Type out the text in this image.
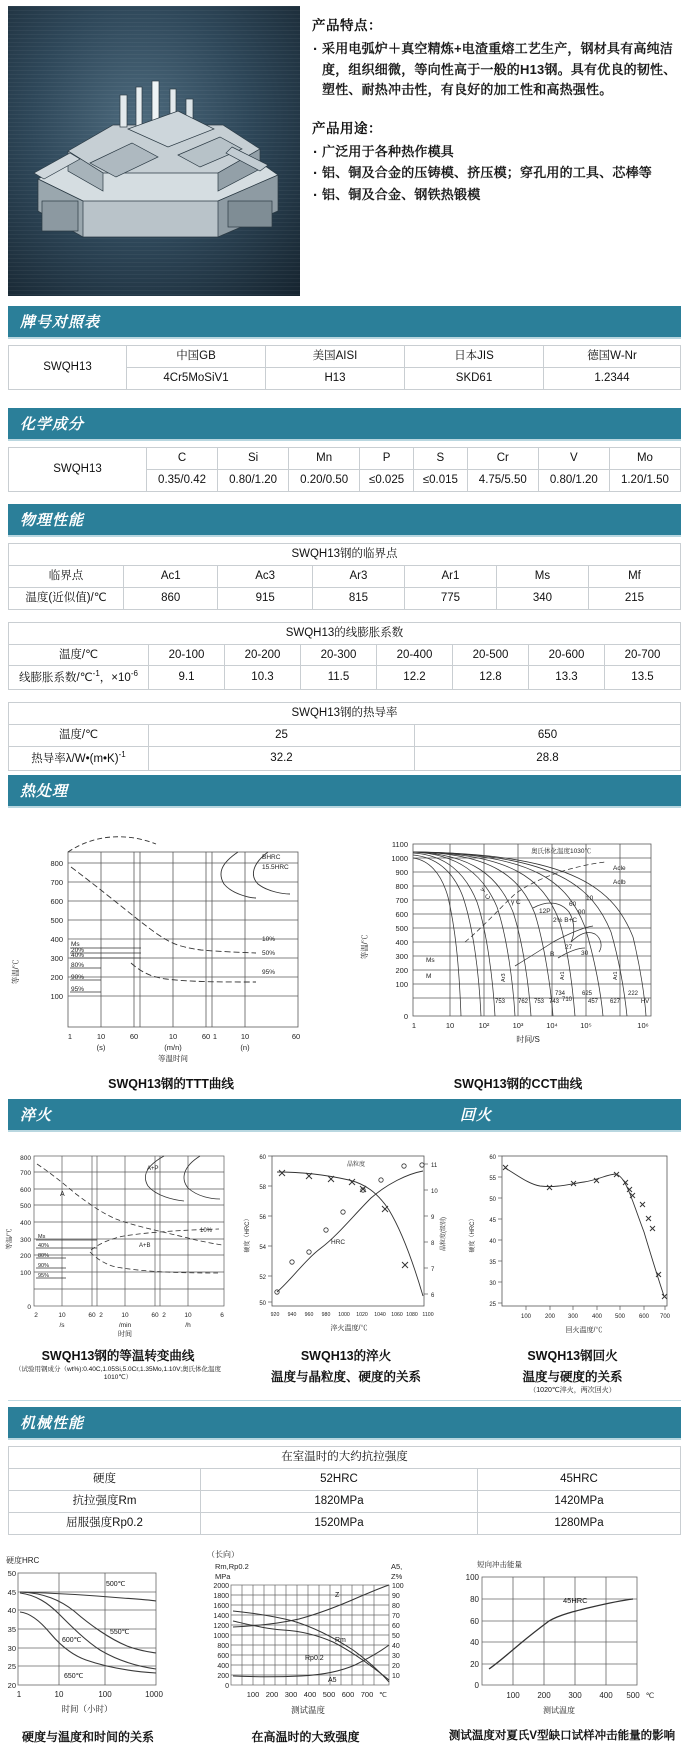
产品特点：
· 采用电弧炉＋真空精炼+电渣重熔工艺生产，钢材具有高纯洁度，组织细微，等向性高于一般的H13钢。具有优良的韧性、塑性、耐热冲击性，有良好的加工性和高热强性。
产品用途：
· 广泛用于各种热作模具
· 铝、铜及合金的压铸模、挤压模；穿孔用的工具、芯棒等
· 铝、铜及合金、钢铁热锻模
牌号对照表
SWQH13	中国GB	美国AISI	日本JIS	德国W-Nr
	4Cr5MoSiV1	H13	SKD61	1.2344
化学成分
SWQH13	C	Si	Mn	P	S	Cr	V	Mo
	0.35/0.42	0.80/1.20	0.20/0.50	≤0.025	≤0.015	4.75/5.50	0.80/1.20	1.20/1.50
物理性能
SWQH13钢的临界点						
临界点	Ac1	Ac3	Ar3	Ar1	Ms	Mf
温度(近似值)/℃	860	915	815	775	340	215
SWQH13的线膨胀系数							
温度/℃	20-100	20-200	20-300	20-400	20-500	20-600	20-700
线膨胀系数/℃$^{-1}$，$\times 10^{-6}$	9.1	10.3	11.5	12.2	12.8	13.3	13.5
SWQH13钢的热导率		
温度/℃	25	650
热导率λ/W•(m•K)$^{-1}$	32.2	28.8
热处理
等温/℃
800
700
600
500
400
300
200
100
Ms
20%
40%
80%
90%
95%
BHRC
15.5HRC
10%
50%
95%
1	10	60	10	60 1	10	60
(s)	(m/n)	(n)
等温时间
SWQH13钢的TTT曲线
等温/℃
1100
1000
900
800
700
600
500
400
300
200
100
0
奥氏体化温度1030℃
Acle
Aclb
γ
C
γ C
12P
10
60
90
2% B+C
B
27
30
Ms
M	Ar3	Ar1	Ar1
753 762 753 743 710
734	625
457 627
222
HV
1	10	10²	10³	10⁴	10⁵	10⁶
时间/S
SWQH13钢的CCT曲线
淬火	回火
等温/℃
800
700
600
500
400
300
200
100
0
Ms
40%
80%
90%
95%
A
A+P
A+B
10%
2	10	60 2	10	60 2	10	6
/s	/min	/h
时间
SWQH13钢的等温转变曲线
（试验用钢成分（wt%):0.40C,1.05Si,5.0Cr,1.35Mo,1.10V;奥氏体化温度1010℃）
硬度（HRC）	晶粒度(级别)
60
58
56
54
52
50
11
10
9
8
7
6
晶粒度
HRC
920 940 960 980 1000 1020 1040 1060 1080 1100
淬火温度/℃
SWQH13的淬火
温度与晶粒度、硬度的关系
硬度（HRC）
60
55
50
45
40
35
30
25
100 200 300 400 500 600 700
回火温度/℃
SWQH13钢回火
温度与硬度的关系
（1020℃淬火，两次回火）
机械性能
在室温时的大约抗拉强度		
硬度	52HRC	45HRC
抗拉强度Rm	1820MPa	1420MPa
屈服强度Rp0.2	1520MPa	1280MPa
硬度HRC
50
45
40
35
30
25
20
500℃
550℃
600℃
650℃
1	10	100	1000
时间（小时）
硬度与温度和时间的关系
（长向）
Rm,Rp0.2
MPa
A5,
Z%
2000
1800
1600
1400
1200
1000
800
600
400
200
0
100
90
80
70
60
50
40
30
20
10
Z
Rm
Rp0.2
A5
100 200 300 400 500 600 700 ℃
测试温度
在高温时的大致强度
短向冲击能量
100
80
60
40
20
0
45HRC
100 200 300 400 500 ℃
测试温度
测试温度对夏氏V型缺口试样冲击能量的影响
